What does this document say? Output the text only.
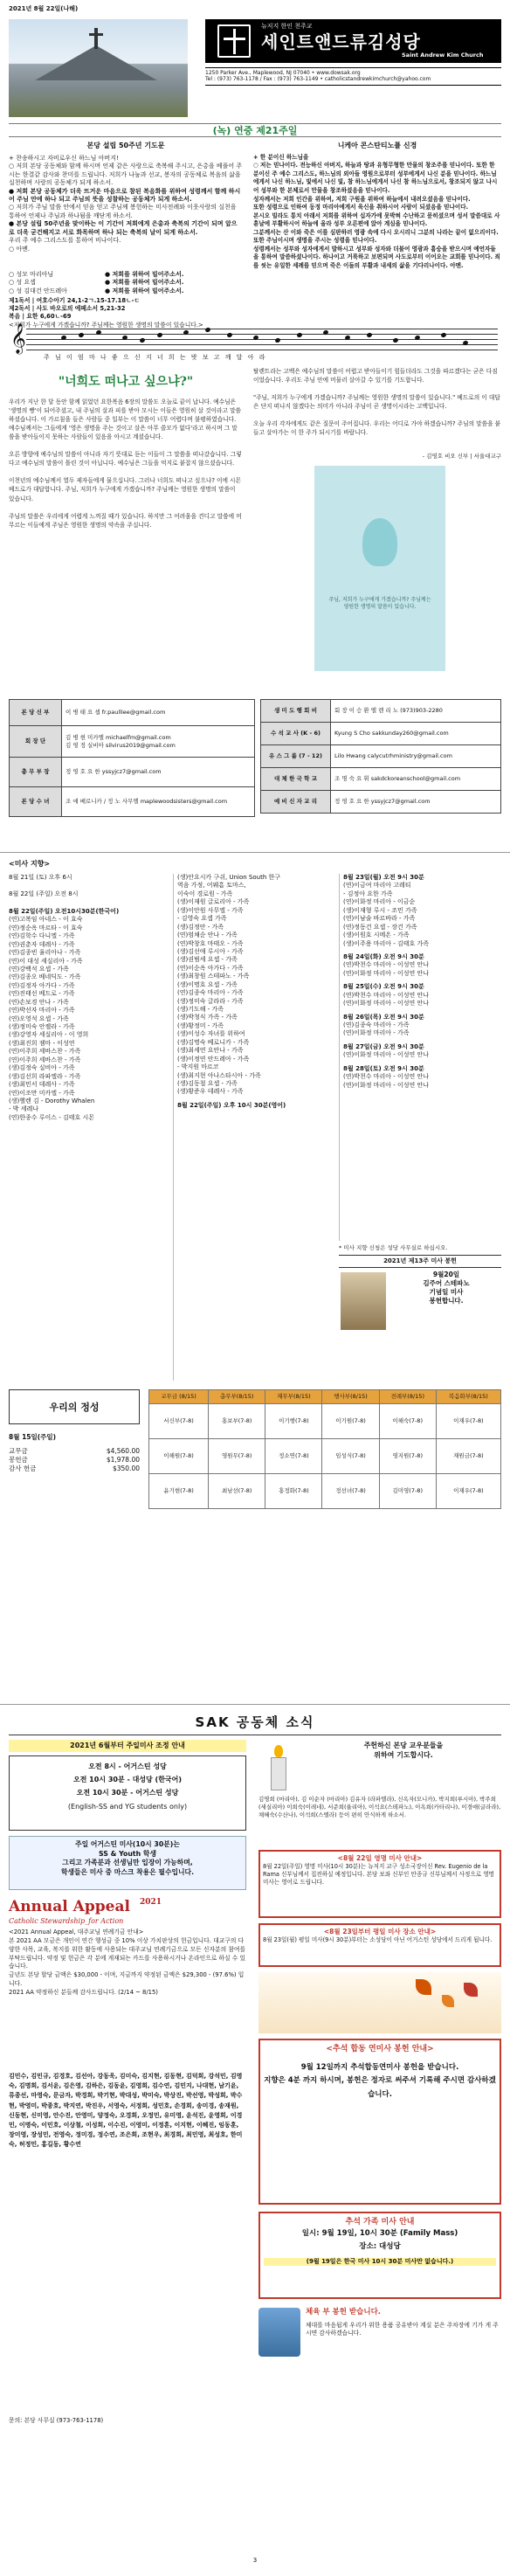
2021년 8월 22일(나해)
뉴저지 한인 천주교
세인트앤드류김성당
Saint Andrew Kim Church
1250 Parker Ave., Maplewood, NJ 07040 • www.dowsak.org
Tel : (973) 763-1178 / Fax : (973) 763-1149 • catholicstandrewkimchurch@yahoo.com
(녹) 연중 제21주일
본당 설립 50주년 기도문
+ 찬송하시고 자비로우신 하느님 아버지!
○ 저희 본당 공동체와 함께 하시며 언제 같은 사랑으로 축복해 주시고, 은총을 베풀어 주시는 한결같 감사와 찬미를 드립니다. 저희가 나눔과 선교, 봉자의 공동체로 복음의 삶을 실천하며 사랑의 공동체가 되게 하소서.
● 저희 본당 공동체가 더욱 뜨거운 마음으로 참된 복음화를 위하여 성령께서 함께 하시어 주님 안에 하나 되고 주님의 뜻을 성찰하는 공동체가 되게 하소서.
○ 저희가 주님 말씀 안에서 믿음 얻고 주님께 봉헌하는 미사전례와 이웃사랑의 실천을 통하여 언제나 주님과 하나됨을 깨닫게 하소서.
● 본당 설립 50주년을 맞이하는 이 기간이 저희에게 은총과 축복의 기간이 되며 앞으로 더욱 굳건해지고 서로 화목하며 하나 되는 축복의 날이 되게 하소서.
우리 주 예수 그리스도를 통하여 비나이다.
○ 아멘.
○ 성모 마리아님	● 저희를 위하여 빌어주소서.
○ 성 요셉	● 저희를 위하여 빌어주소서.
○ 성 김대건 안드레아	● 저희를 위하여 빌어주소서.
제1독서 | 여호수아기 24,1-2ㄱ.15-17.18ㄴ-ㄷ
제2독서 | 사도 바오로의 에페소서 5,21-32
복음 | 요한 6,60ㄴ-69
<저희가 누구에게 가겠습니까? 주님께는 영원한 생명의 말씀이 있습니다.>
니케아 콘스탄티노플 신경
+ 한 분이신 하느님을
○ 저는 믿나이다. 전능하신 아버지, 하늘과 땅과 유형무형한 만물의 창조주를 믿나이다. 또한 한 분이신 주 예수 그리스도, 하느님의 외아들 영원으로부터 성부에게서 나신 분을 믿나이다. 하느님에게서 나신 하느님, 빛에서 나신 빛, 참 하느님에게서 나신 참 하느님으로서, 창조되지 않고 나시어 성부와 한 본체로서 만물을 창조하셨음을 믿나이다.
성자께서는 저희 인간을 위하여, 저희 구원을 위하여 하늘에서 내려오셨음을 믿나이다.
또한 성령으로 인하여 동정 마리아에게서 육신을 취하시어 사람이 되셨음을 믿나이다.
본시오 빌라도 통치 아래서 저희를 위하여 십자가에 못박혀 수난하고 묻히셨으며 성서 말씀대로 사흗날에 부활하시어 하늘에 올라 성부 오른편에 앉아 계심을 믿나이다.
그분께서는 산 이와 죽은 이를 심판하러 영광 속에 다시 오시리니 그분의 나라는 끝이 없으리이다.
또한 주님이시며 생명을 주시는 성령을 믿나이다.
성령께서는 성부와 성자에게서 발하시고 성부와 성자와 더불어 영광과 흠숭을 받으시며 예언자들을 통하여 말씀하셨나이다. 하나이고 거룩하고 보편되며 사도로부터 이어오는 교회를 믿나이다. 죄를 씻는 유일한 세례를 믿으며 죽은 이들의 부활과 내세의 삶을 기다리나이다. 아멘.
𝄞
주 님 이 엄 마 나 좋 으 신 지 너 희 는 밧 보 고 깨 달 아 라
"너희도 떠나고 싶으냐?"
우리가 지난 한 달 동안 함께 읽었던 요한복음 6장의 말씀도 오늘로 끝이 납니다. 예수님은 '생명의 빵'이 되어주셨고, 내 주님의 살과 피를 받아 모시는 이들은 영원히 살 것이라고 말씀하셨습니다. 이 가르침을 들은 사람들 중 일부는 이 말씀이 너무 어렵다며 불평하였습니다. 예수님께서는 그들에게 '영은 생명을 주는 것이고 살은 아무 쓸모가 없다'라고 하시며 그 말씀을 받아들이지 못하는 사람들이 있음을 아시고 계셨습니다.

오른 방향에 예수님의 말씀이 아니라 자기 뜻대로 듣는 이들이 그 말씀을 떠나갔습니다. 그렇다고 예수님의 말씀이 틀린 것이 아닙니다. 예수님은 그들을 억지로 붙잡지 않으셨습니다.

이천년의 예수님께서 열두 제자들에게 물으십니다. 그러나 너희도 떠나고 싶으냐? 이에 시몬 베드로가 대답합니다. 주님, 저희가 누구에게 가겠습니까? 주님께는 영원한 생명의 말씀이 있습니다.

주님의 말씀은 우리에게 어렵게 느껴질 때가 있습니다. 하지만 그 어려움을 견디고 말씀에 머무르는 이들에게 주님은 영원한 생명의 약속을 주십니다.
탈렌트라는 고백은 예수님의 말씀이 어렵고 받아들이기 힘들더라도 그것을 따르겠다는 굳은 다짐이었습니다. 우리도 주님 안에 머물러 살아갈 수 있기를 기도합니다.

"주님, 저희가 누구에게 가겠습니까? 주님께는 영원한 생명의 말씀이 있습니다." 베드로의 이 대답은 단지 떠나지 않겠다는 의미가 아니라 주님이 곧 생명이시라는 고백입니다.

오늘 우리 각자에게도 같은 질문이 주어집니다. 우리는 어디로 가야 하겠습니까? 주님의 말씀을 붙들고 살아가는 이 한 주가 되시기를 바랍니다.
- 김영호 비오 신부 | 서울대교구
주님, 저희가 누구에게 가겠습니까? 주님께는 영원한 생명의 말씀이 있습니다.
본 당 신 부	이 병 태 요 셉 fr.paulliee@gmail.com
회 장 단	김 병 현 미카엘 michaelfm@gmail.com
김 영 정 실비아 silvirus2019@gmail.com
총 무 부 장	정 영 호 요 한 yssyjcz7@gmail.com
본 당 수 녀	조 애 베로니카 / 정 노 사무엘 maplewoodsisters@gmail.com
생 미 도 행 회 비	회 장 이 승 환 엘 렌 리 노 (973)903-2280
수 석 교 사 (K - 6)	Kyung S Cho sakkunday260@gmail.com
유 스 그 룹 (7 - 12)	Lilo Hwang calycutrhministry@gmail.com
대 체 한 국 학 교	조 명 숙 요 휘 sakdckoreanschool@gmail.com
예 비 신 자 교 리	정 영 호 요 한 yssyjcz7@gmail.com
<미사 지향>
8월 21일 (토) 오후 6시
8월 22일 (주일) 오전 8시
8월 22일(주일) 오전10시30분(한국어)
(연)고복임 아네스 - 이 효숙
(연)정순옥 마르타 - 이 효숙
(연)김학수 다니엘 - 가족
(연)권춘자 데레사 - 가족
(연)김종빈 율리아나 - 가족
(연)이 대성 세실리아 - 가족
(연)강백석 요셉 - 가족
(연)김종오 베네딕도 - 가족
(연)김정자 아가다 - 가족
(연)진태선 베드로 - 가족
(연)손보경 안나 - 가족
(연)박선자 마리아 - 가족
(연)오영석 요셉 - 가족
(생)정미숙 안젤라 - 가족
(생)강영자 세실리아 - 이 영희
(생)최진희 젬마 - 이성연
(연)이주희 세바스찬 - 가족
(연)이주희 세바스찬 - 가족
(생)김정숙 실비아 - 가족
(생)김선희 라파엘라 - 가족
(생)최민서 데레사 - 가족
(연)이조만 미카엘 - 가족
(생)헬렌 김 - Dorothy Whalen
- 박 세레나
(연)한종수 루이스 - 김태호 시몬
(생)안요시카 구쉬, Union South 한구
역음 가정, 어웨흠 토마스,
이숙이 경로원 - 가족
(생)이재원 글로리아 - 가족
(생)이안원 사무엘 - 가족
- 김영숙 요셉 가족
(생)김정안 - 가족
(연)엄채순 안나 - 가족
(연)박창호 마태오 - 가족
(생)김선애 루시아 - 가족
(생)권범세 요셉 - 가족
(연)이순옥 아가다 - 가족
(생)최창원 스테파노 - 가족
(생)이명호 요셉 - 가족
(연)김종숙 마리아 - 가족
(생)정미숙 글라라 - 가족
(생)기도해 - 가족
(생)박청식 가족 - 가족
(생)황정미 - 가족
(생)이성수 자녀를 위하여
(생)김명숙 베로니카 - 가족
(생)최세연 요안나 - 가족
(생)이정연 안드레아 - 가족
- 박지원 마르코
(생)최지현 아나스타시아 - 가족
(생)김동철 요셉 - 가족
(생)황준우 데레사 - 가족
8월 22일(주일) 오후 10시 30분(영어)
8월 23일(월) 오전 9시 30분
(연)이금여 마리아 고레티
- 김정아 요한 가족
(연)이화정 마리아 - 이금순
(생)이재형 루시 - 조민 가족
(연)이남술 바르바라 - 가족
(연)정동건 요셉 - 장건 가족
(생)이원호 시메온 - 가족
(생)이주용 마리아 - 김태호 가족
8월 24일(화) 오전 9시 30분
(연)박천수 마리아 - 이성연 안나
(연)이화정 마리아 - 이성연 안나
8월 25일(수) 오전 9시 30분
(연)박천수 마리아 - 이성연 안나
(연)이화정 마리아 - 이성연 안나
8월 26일(목) 오전 9시 30분
(연)김종숙 마리아 - 가족
(연)이화정 마리아 - 가족
8월 27일(금) 오전 9시 30분
(연)이화정 마리아 - 이성연 안나
8월 28일(토) 오전 9시 30분
(연)박천수 마리아 - 이성연 안나
(연)이화정 마리아 - 이성연 안나
* 미사 지향 신청은 성당 사무실로 하십시오.
2021년 제13주 미사 봉헌
9월20일
김주어 스테파노
기념일 미사
봉헌합니다.
우리의 정성
8월 15일(주일)
교무금	$4,560.00
봉헌금	$1,978.00
감사 헌금	$350.00
교무금 (8/15)	총무부(8/15)	재무부(8/15)	행사부(8/15)	전례부(8/15)	복음화부(8/15)
서신부(7-8)	홍보부(7-8)	이기행(7-8)	이기원(7-8)	이해숙(7-8)	이재우(7-8)
이해원(7-8)	영원무(7-8)	정소연(7-8)	임성식(7-8)	영지원(7-8)	재원금(7-8)
윤기현(7-8)	최남선(7-8)	홍정화(7-8)	정선녀(7-8)	김미영(7-8)	이재우(7-8)
SAK 공동체 소식
2021년 6월부터 주일미사 조정 안내
오전 8시 - 어거스틴 성당
오전 10시 30분 - 대성당 (한국어)
오전 10시 30분 - 어거스틴 성당
(English-SS and YG students only)
주일 어거스틴 미사(10시 30분)는
SS & Youth 학생
그리고 가족분과 선생님만 입장이 가능하며,
학생들은 미사 중 마스크 착용은 필수입니다.
Annual Appeal
Catholic Stewardship_for Action
2021
<2021 Annual Appeal, 대주교님 연례기금 안내>
본 2021 AA 모금은 개인이 연간 행성금 중 10% 이상 가치판상의 헌금입니다. 대교구의 다양한 사목, 교육, 복지를 위한 활동에 사용되는 대주교님 연례기금으로 모든 신자분의 참여를 부탁드립니다. 약정 및 헌금은 각 분에 게재되는 카드를 사용하시거나 온라인으로 하실 수 있습니다.
금년도 본당 할당 금액은 $30,000 - 이며, 지금까지 약정된 금액은 $29,300 - (97.6%) 입니다.
2021 AA 약정하신 분들께 감사드립니다. (2/14 ~ 8/15)
김민수, 김민규, 김경호, 김선아, 강동욱, 김미숙, 김지현, 김동현, 김덕희, 강석민, 김명숙, 김명희, 김서윤, 김은영, 김하은, 김동윤, 김영희, 김수연, 김민지, 나대현, 남기윤, 류종선, 마영숙, 문금자, 박경희, 박기현, 박대성, 박미숙, 박상진, 박선영, 박성희, 박수현, 박영미, 박종호, 박지연, 박진우, 서영숙, 서정희, 성민호, 손경희, 송미경, 송재원, 신동현, 신미영, 안수진, 안영미, 양정숙, 오경희, 오정민, 유미영, 윤석진, 윤영희, 이경민, 이명숙, 이민호, 이상철, 이성희, 이수진, 이영미, 이정훈, 이지현, 이혜진, 임동훈, 장미영, 장성민, 전영숙, 정미경, 정수연, 조은희, 조현우, 최경희, 최민영, 최성호, 한미숙, 허정민, 홍길동, 황수연
문의: 본당 사무실 (973-763-1178)
주헌하신 본당 교우분들을
위하여 기도합시다.
김명희 (마리아), 김 이순자 (마리아) 김유자 (라파엘라), 신옥자(모니카), 박지희(루시아), 박주희 (세실리아) 이희숙(이레네), 서준희(율리아), 이석요(스테파노), 이옥희(카타리나), 이경애(글라라), 채혜숙(수산나), 이석희(스텔라) 등이 편히 안식하게 하소서.
<8월 22일 영명 미사 안내>
8월 22일(주일) 영명 미사(10시 30분)는 뉴저지 교구 성소국장이신 Rev. Eugenio de la Rama 신부님께서 집전하실 예정입니다. 본당 보좌 신부인 안종규 신부님께서 사정으로 영명 미사는 영어로 드립니다.
<8월 23일부터 평일 미사 장소 안내>
8월 23일(월) 평일 미사(9시 30분)부터는 소성당이 아닌 어거스틴 성당에서 드리게 됩니다.
<추석 합동 연미사 봉헌 안내>
9월 12일까지 추석합동연미사 봉헌을 받습니다.
지향은 4분 까지 하시며, 봉헌은 정자로 써주셔 기록해 주시면 감사하겠습니다.
추석 가족 미사 안내
일시: 9월 19일, 10시 30분 (Family Mass)
장소: 대성당
(9월 19일은 한국 미사 10시 30분 미사만 없습니다.)
체육 부 봉헌 받습니다.
체대를 마음됩게 우리가 위한 용품 공유받아 계실 분은 주차장에 기가 게 주시면 감사하겠습니다.
3
